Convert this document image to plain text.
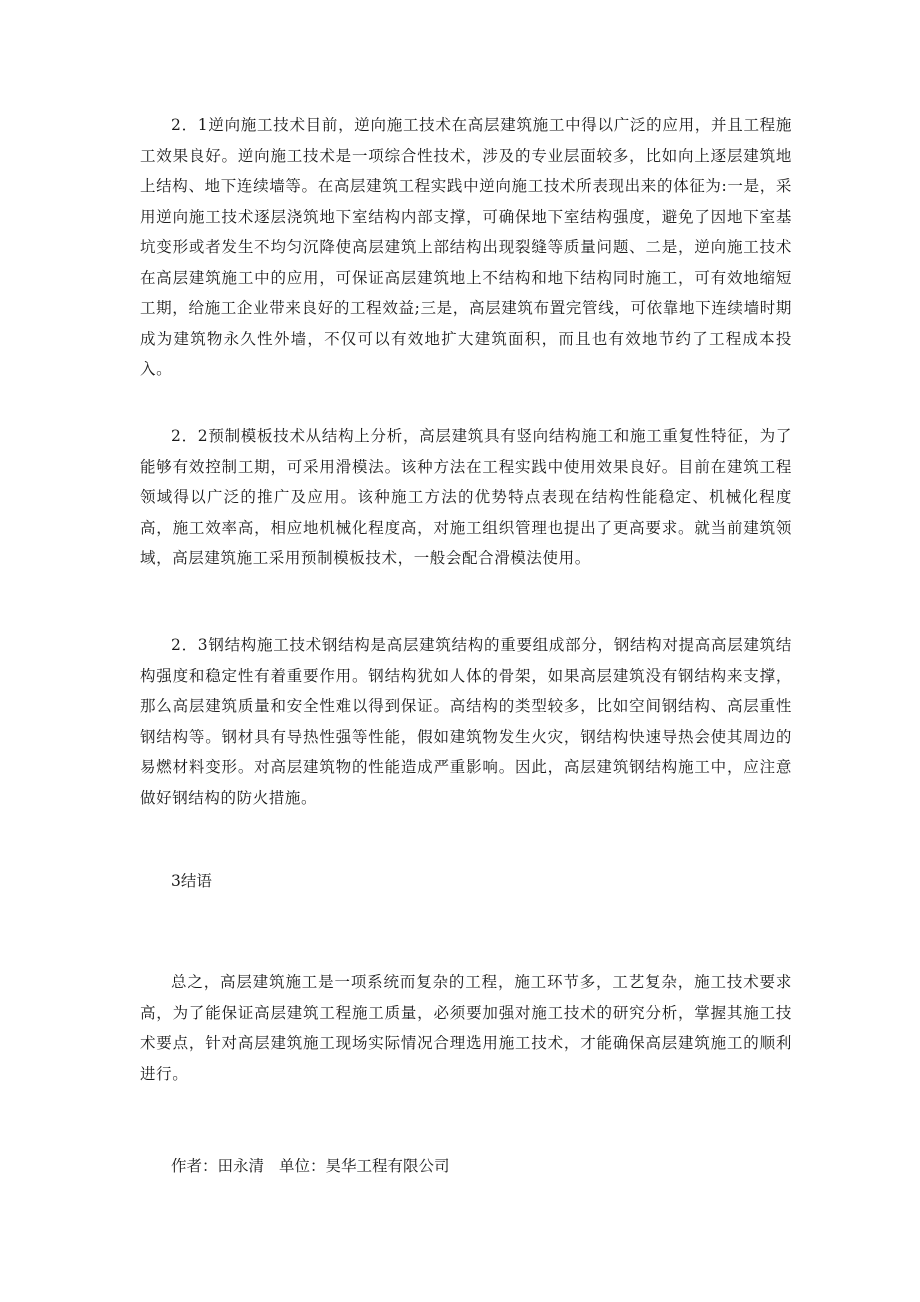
2．1逆向施工技术目前，逆向施工技术在高层建筑施工中得以广泛的应用，并且工程施工效果良好。逆向施工技术是一项综合性技术，涉及的专业层面较多，比如向上逐层建筑地上结构、地下连续墙等。在高层建筑工程实践中逆向施工技术所表现出来的体征为:一是，采用逆向施工技术逐层浇筑地下室结构内部支撑，可确保地下室结构强度，避免了因地下室基坑变形或者发生不均匀沉降使高层建筑上部结构出现裂缝等质量问题、二是，逆向施工技术在高层建筑施工中的应用，可保证高层建筑地上不结构和地下结构同时施工，可有效地缩短工期，给施工企业带来良好的工程效益;三是，高层建筑布置完管线，可依靠地下连续墙时期成为建筑物永久性外墙，不仅可以有效地扩大建筑面积，而且也有效地节约了工程成本投入。

2．2预制模板技术从结构上分析，高层建筑具有竖向结构施工和施工重复性特征，为了能够有效控制工期，可采用滑模法。该种方法在工程实践中使用效果良好。目前在建筑工程领域得以广泛的推广及应用。该种施工方法的优势特点表现在结构性能稳定、机械化程度高，施工效率高，相应地机械化程度高，对施工组织管理也提出了更高要求。就当前建筑领域，高层建筑施工采用预制模板技术，一般会配合滑模法使用。

2．3钢结构施工技术钢结构是高层建筑结构的重要组成部分，钢结构对提高高层建筑结构强度和稳定性有着重要作用。钢结构犹如人体的骨架，如果高层建筑没有钢结构来支撑，那么高层建筑质量和安全性难以得到保证。高结构的类型较多，比如空间钢结构、高层重性钢结构等。钢材具有导热性强等性能，假如建筑物发生火灾，钢结构快速导热会使其周边的易燃材料变形。对高层建筑物的性能造成严重影响。因此，高层建筑钢结构施工中，应注意做好钢结构的防火措施。

3结语

总之，高层建筑施工是一项系统而复杂的工程，施工环节多，工艺复杂，施工技术要求高，为了能保证高层建筑工程施工质量，必须要加强对施工技术的研究分析，掌握其施工技术要点，针对高层建筑施工现场实际情况合理选用施工技术，才能确保高层建筑施工的顺利进行。

作者：田永清 单位：昊华工程有限公司
